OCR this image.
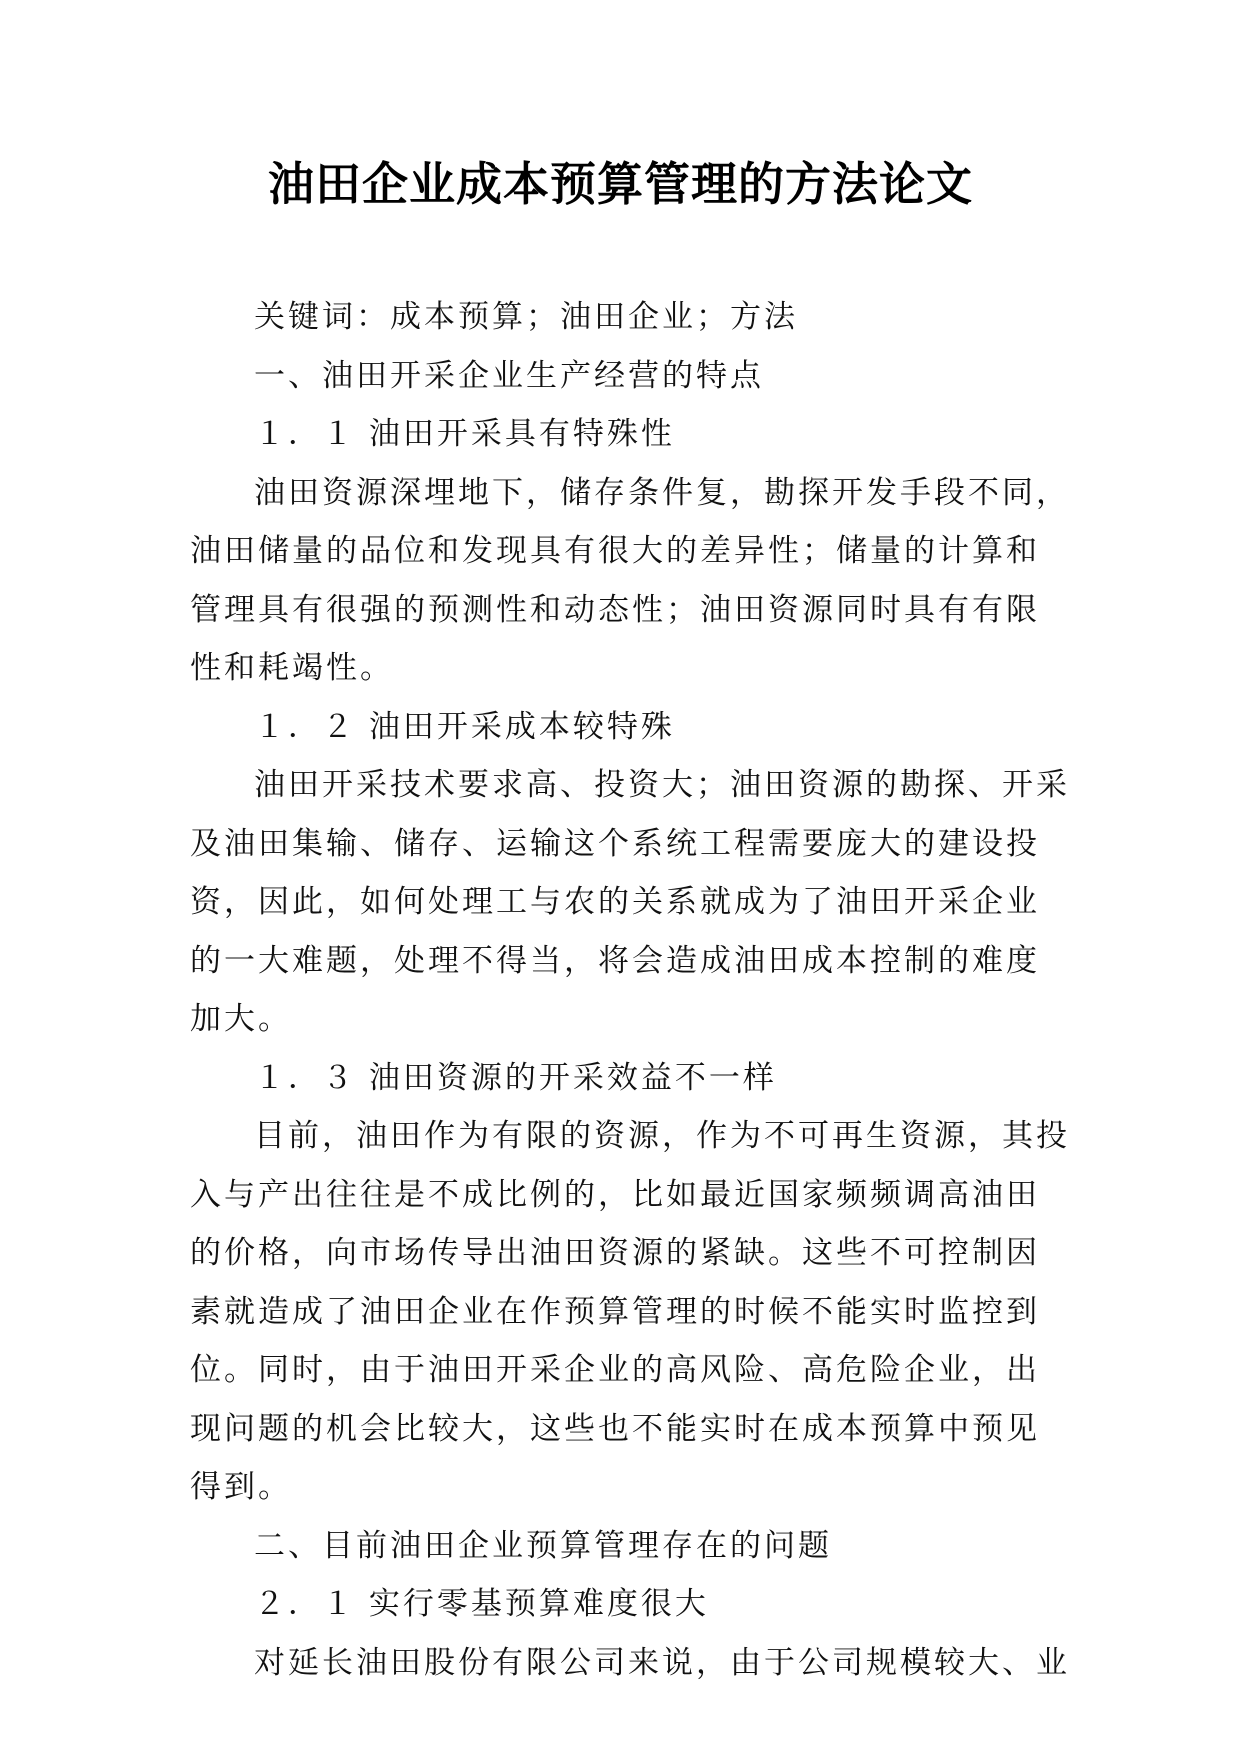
油田企业成本预算管理的方法论文

关键词：成本预算；油田企业；方法

一、油田开采企业生产经营的特点

１．１ 油田开采具有特殊性

油田资源深埋地下，储存条件复，勘探开发手段不同，油田储量的品位和发现具有很大的差异性；储量的计算和管理具有很强的预测性和动态性；油田资源同时具有有限性和耗竭性。

１．２ 油田开采成本较特殊

油田开采技术要求高、投资大；油田资源的勘探、开采及油田集输、储存、运输这个系统工程需要庞大的建设投资，因此，如何处理工与农的关系就成为了油田开采企业的一大难题，处理不得当，将会造成油田成本控制的难度加大。

１．３ 油田资源的开采效益不一样

目前，油田作为有限的资源，作为不可再生资源，其投入与产出往往是不成比例的，比如最近国家频频调高油田的价格，向市场传导出油田资源的紧缺。这些不可控制因素就造成了油田企业在作预算管理的时候不能实时监控到位。同时，由于油田开采企业的高风险、高危险企业，出现问题的机会比较大，这些也不能实时在成本预算中预见得到。

二、目前油田企业预算管理存在的问题

２．１ 实行零基预算难度很大

对延长油田股份有限公司来说，由于公司规模较大、业
